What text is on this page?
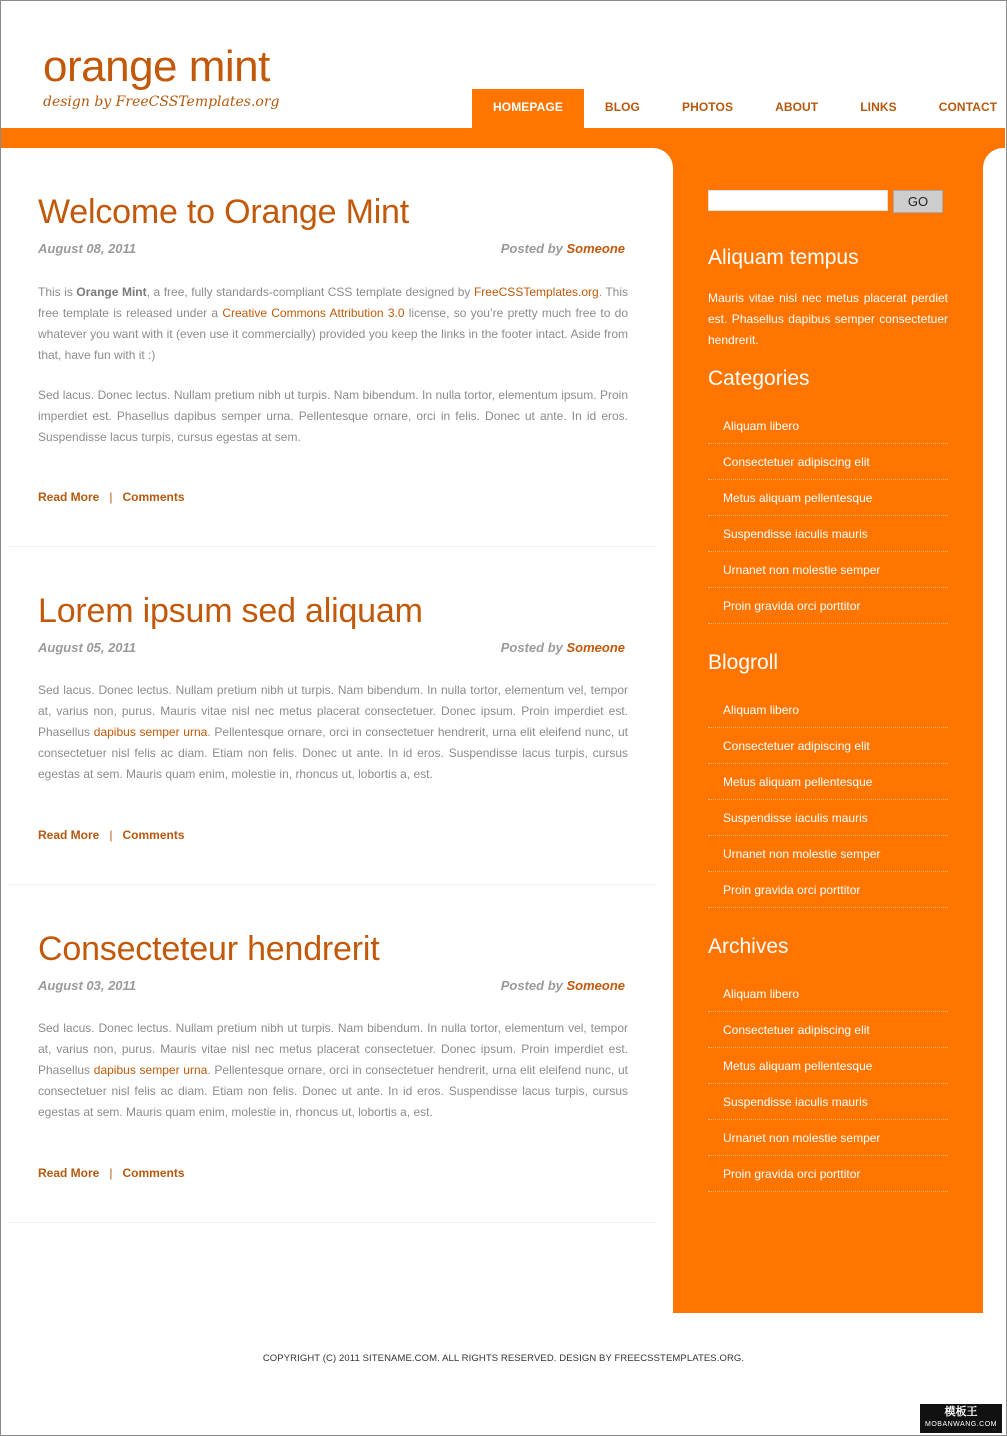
orange mint
design by FreeCSSTemplates.org	HOMEPAGE	BLOG	PHOTOS	ABOUT	LINKS	CONTACT
Welcome to Orange Mint
August 08, 2011	Posted by Someone

This is Orange Mint, a free, fully standards-compliant CSS template designed by FreeCSSTemplates.org. This free template is released under a Creative Commons Attribution 3.0 license, so you’re pretty much free to do whatever you want with it (even use it commercially) provided you keep the links in the footer intact. Aside from that, have fun with it :)

Sed lacus. Donec lectus. Nullam pretium nibh ut turpis. Nam bibendum. In nulla tortor, elementum ipsum. Proin imperdiet est. Phasellus dapibus semper urna. Pellentesque ornare, orci in felis. Donec ut ante. In id eros. Suspendisse lacus turpis, cursus egestas at sem.

Read More | Comments
Lorem ipsum sed aliquam
August 05, 2011	Posted by Someone

Sed lacus. Donec lectus. Nullam pretium nibh ut turpis. Nam bibendum. In nulla tortor, elementum vel, tempor at, varius non, purus. Mauris vitae nisl nec metus placerat consectetuer. Donec ipsum. Proin imperdiet est. Phasellus dapibus semper urna. Pellentesque ornare, orci in consectetuer hendrerit, urna elit eleifend nunc, ut consectetuer nisl felis ac diam. Etiam non felis. Donec ut ante. In id eros. Suspendisse lacus turpis, cursus egestas at sem. Mauris quam enim, molestie in, rhoncus ut, lobortis a, est.

Read More | Comments
Consecteteur hendrerit
August 03, 2011	Posted by Someone

Sed lacus. Donec lectus. Nullam pretium nibh ut turpis. Nam bibendum. In nulla tortor, elementum vel, tempor at, varius non, purus. Mauris vitae nisl nec metus placerat consectetuer. Donec ipsum. Proin imperdiet est. Phasellus dapibus semper urna. Pellentesque ornare, orci in consectetuer hendrerit, urna elit eleifend nunc, ut consectetuer nisl felis ac diam. Etiam non felis. Donec ut ante. In id eros. Suspendisse lacus turpis, cursus egestas at sem. Mauris quam enim, molestie in, rhoncus ut, lobortis a, est.

Read More | Comments
GO
Aliquam tempus

Mauris vitae nisl nec metus placerat perdiet est. Phasellus dapibus semper consectetuer hendrerit.

Categories
Aliquam libero
Consectetuer adipiscing elit
Metus aliquam pellentesque
Suspendisse iaculis mauris
Urnanet non molestie semper
Proin gravida orci porttitor
Blogroll
Aliquam libero
Consectetuer adipiscing elit
Metus aliquam pellentesque
Suspendisse iaculis mauris
Urnanet non molestie semper
Proin gravida orci porttitor
Archives
Aliquam libero
Consectetuer adipiscing elit
Metus aliquam pellentesque
Suspendisse iaculis mauris
Urnanet non molestie semper
Proin gravida orci porttitor
COPYRIGHT (C) 2011 SITENAME.COM. ALL RIGHTS RESERVED. DESIGN BY FREECSSTEMPLATES.ORG.
模板王
MOBANWANG.COM
